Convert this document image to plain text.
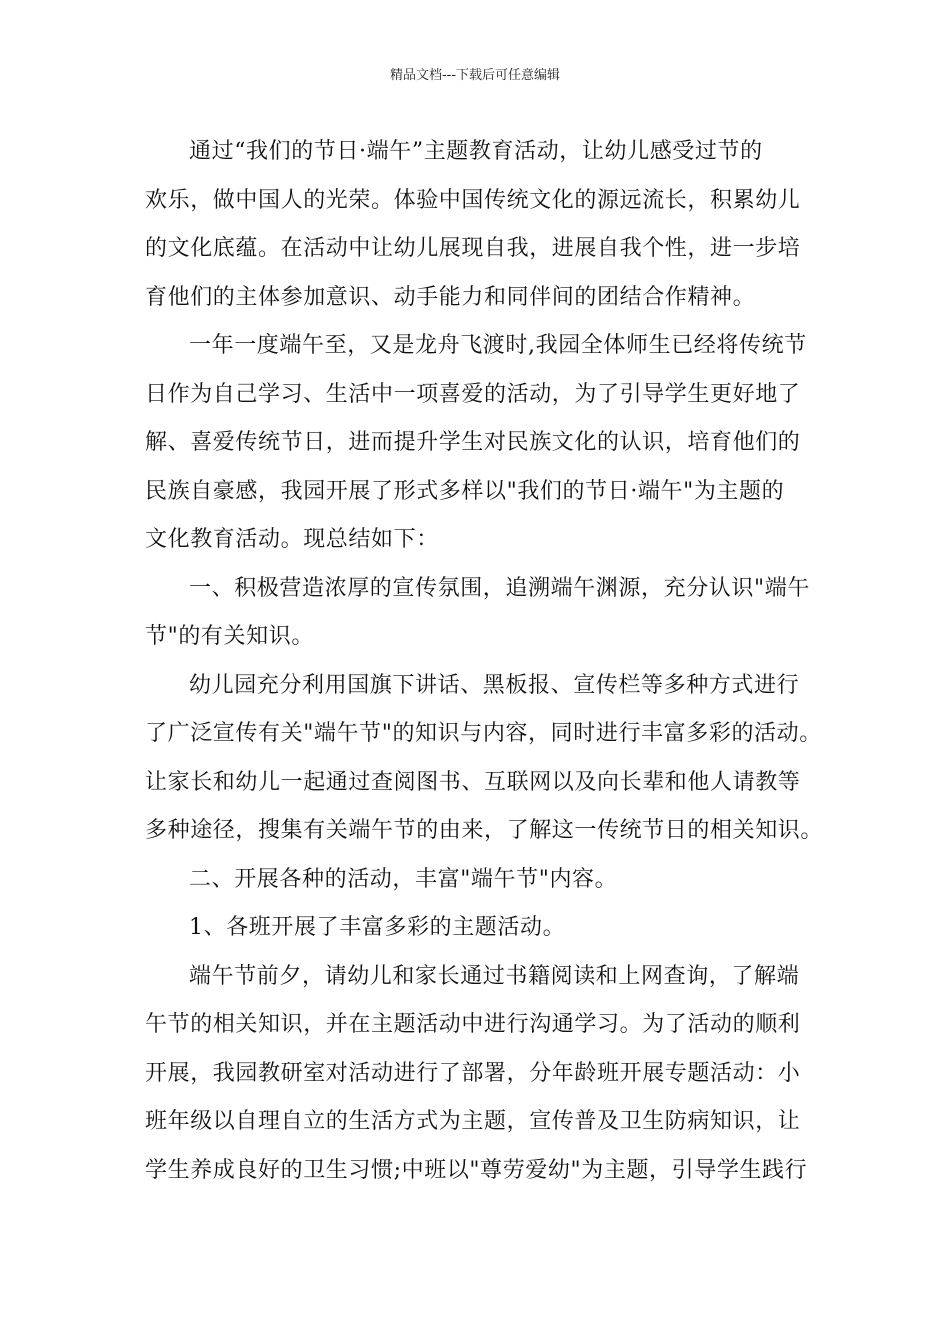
精品文档---下载后可任意编辑
通过“我们的节日·端午”主题教育活动，让幼儿感受过节的
欢乐，做中国人的光荣。体验中国传统文化的源远流长，积累幼儿
的文化底蕴。在活动中让幼儿展现自我，进展自我个性，进一步培
育他们的主体参加意识、动手能力和同伴间的团结合作精神。
一年一度端午至，又是龙舟飞渡时,我园全体师生已经将传统节
日作为自己学习、生活中一项喜爱的活动，为了引导学生更好地了
解、喜爱传统节日，进而提升学生对民族文化的认识，培育他们的
民族自豪感，我园开展了形式多样以"我们的节日·端午"为主题的
文化教育活动。现总结如下：
一、积极营造浓厚的宣传氛围，追溯端午渊源，充分认识"端午
节"的有关知识。
幼儿园充分利用国旗下讲话、黑板报、宣传栏等多种方式进行
了广泛宣传有关"端午节"的知识与内容，同时进行丰富多彩的活动。
让家长和幼儿一起通过查阅图书、互联网以及向长辈和他人请教等
多种途径，搜集有关端午节的由来，了解这一传统节日的相关知识。
二、开展各种的活动，丰富"端午节"内容。
1、各班开展了丰富多彩的主题活动。
端午节前夕，请幼儿和家长通过书籍阅读和上网查询，了解端
午节的相关知识，并在主题活动中进行沟通学习。为了活动的顺利
开展，我园教研室对活动进行了部署，分年龄班开展专题活动：小
班年级以自理自立的生活方式为主题，宣传普及卫生防病知识，让
学生养成良好的卫生习惯;中班以"尊劳爱幼"为主题，引导学生践行
